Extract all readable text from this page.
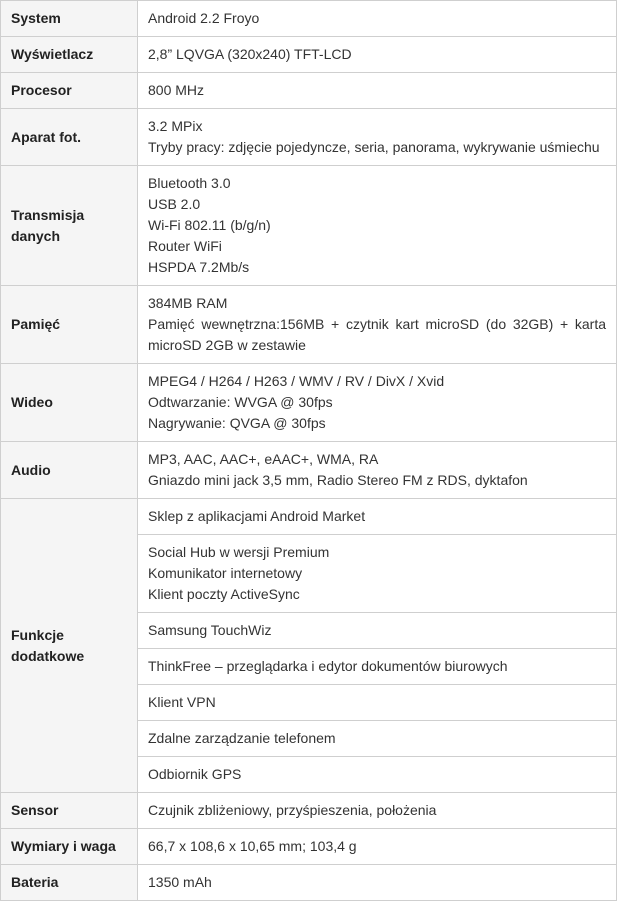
System	Android 2.2 Froyo

Wyświetlacz	2,8” LQVGA (320x240) TFT-LCD

Procesor	800 MHz

Aparat fot.	3.2 MPix
Tryby pracy: zdjęcie pojedyncze, seria, panorama, wykrywanie uśmiechu

Transmisja danych	Bluetooth 3.0
USB 2.0
Wi-Fi 802.11 (b/g/n)
Router WiFi
HSPDA 7.2Mb/s

Pamięć	384MB RAM
Pamięć wewnętrzna:156MB + czytnik kart microSD (do 32GB) + karta microSD 2GB w zestawie

Wideo	MPEG4 / H264 / H263 / WMV / RV / DivX / Xvid
Odtwarzanie: WVGA @ 30fps
Nagrywanie: QVGA @ 30fps

Audio	MP3, AAC, AAC+, eAAC+, WMA, RA
Gniazdo mini jack 3,5 mm, Radio Stereo FM z RDS, dyktafon

Funkcje dodatkowe	Sklep z aplikacjami Android Market

	Social Hub w wersji Premium
Komunikator internetowy
Klient poczty ActiveSync

	Samsung TouchWiz

	ThinkFree – przeglądarka i edytor dokumentów biurowych

	Klient VPN

	Zdalne zarządzanie telefonem

	Odbiornik GPS

Sensor	Czujnik zbliżeniowy, przyśpieszenia, położenia

Wymiary i waga	66,7 x 108,6 x 10,65 mm; 103,4 g

Bateria	1350 mAh
